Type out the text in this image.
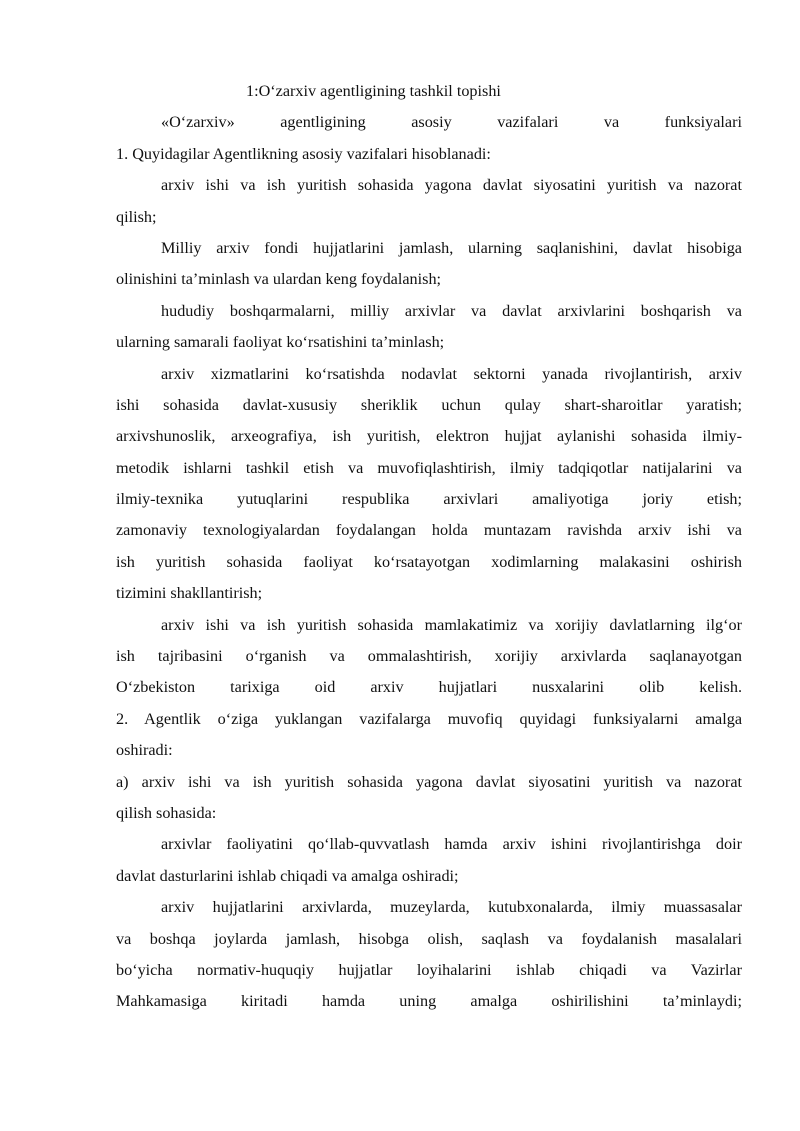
1:O‘zarxiv agentligining tashkil topishi
«O‘zarxiv» agentligining asosiy vazifalari va funksiyalari
1. Quyidagilar Agentlikning asosiy vazifalari hisoblanadi:
arxiv ishi va ish yuritish sohasida yagona davlat siyosatini yuritish va nazorat
qilish;
Milliy arxiv fondi hujjatlarini jamlash, ularning saqlanishini, davlat hisobiga
olinishini ta’minlash va ulardan keng foydalanish;
hududiy boshqarmalarni, milliy arxivlar va davlat arxivlarini boshqarish va
ularning samarali faoliyat ko‘rsatishini ta’minlash;
arxiv xizmatlarini ko‘rsatishda nodavlat sektorni yanada rivojlantirish, arxiv
ishi sohasida davlat-xususiy sheriklik uchun qulay shart-sharoitlar yaratish;
arxivshunoslik, arxeografiya, ish yuritish, elektron hujjat aylanishi sohasida ilmiy-
metodik ishlarni tashkil etish va muvofiqlashtirish, ilmiy tadqiqotlar natijalarini va
ilmiy-texnika yutuqlarini respublika arxivlari amaliyotiga joriy etish;
zamonaviy texnologiyalardan foydalangan holda muntazam ravishda arxiv ishi va
ish yuritish sohasida faoliyat ko‘rsatayotgan xodimlarning malakasini oshirish
tizimini shakllantirish;
arxiv ishi va ish yuritish sohasida mamlakatimiz va xorijiy davlatlarning ilg‘or
ish tajribasini o‘rganish va ommalashtirish, xorijiy arxivlarda saqlanayotgan
O‘zbekiston tarixiga oid arxiv hujjatlari nusxalarini olib kelish.
2. Agentlik o‘ziga yuklangan vazifalarga muvofiq quyidagi funksiyalarni amalga
oshiradi:
a) arxiv ishi va ish yuritish sohasida yagona davlat siyosatini yuritish va nazorat
qilish sohasida:
arxivlar faoliyatini qo‘llab-quvvatlash hamda arxiv ishini rivojlantirishga doir
davlat dasturlarini ishlab chiqadi va amalga oshiradi;
arxiv hujjatlarini arxivlarda, muzeylarda, kutubxonalarda, ilmiy muassasalar
va boshqa joylarda jamlash, hisobga olish, saqlash va foydalanish masalalari
bo‘yicha normativ-huquqiy hujjatlar loyihalarini ishlab chiqadi va Vazirlar
Mahkamasiga kiritadi hamda uning amalga oshirilishini ta’minlaydi;
